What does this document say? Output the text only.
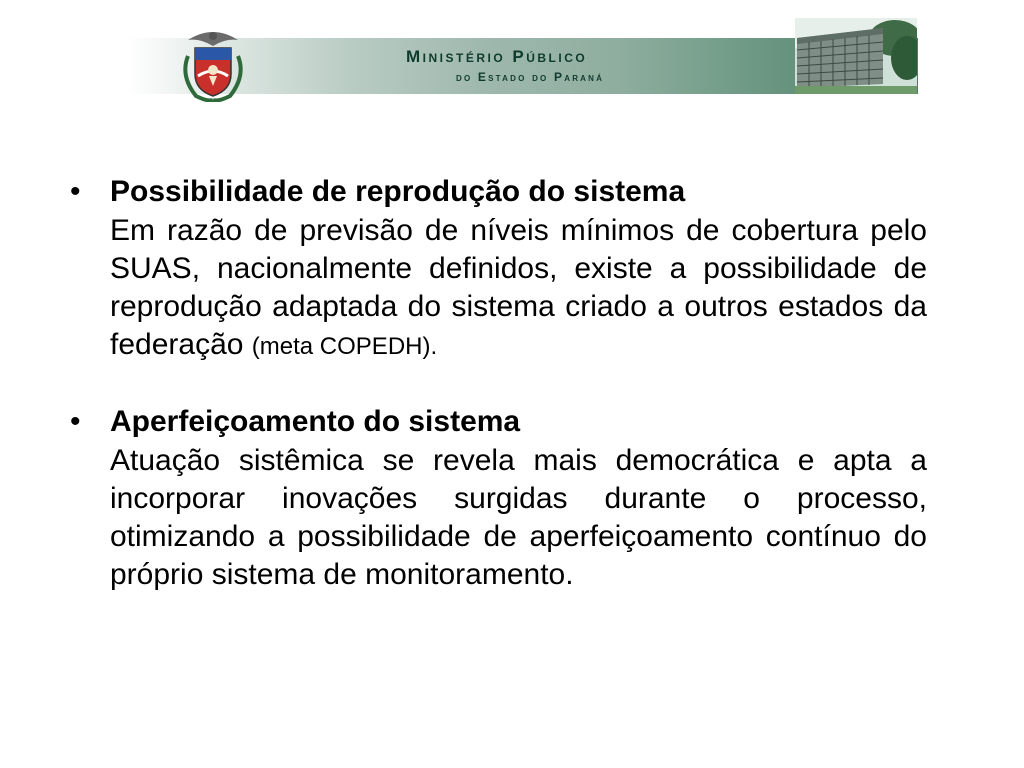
Ministério Público
do Estado do Paraná
• Possibilidade de reprodução do sistema
Em razão de previsão de níveis mínimos de cobertura pelo SUAS, nacionalmente definidos, existe a possibilidade de reprodução adaptada do sistema criado a outros estados da federação (meta COPEDH).
• Aperfeiçoamento do sistema
Atuação sistêmica se revela mais democrática e apta a incorporar inovações surgidas durante o processo, otimizando a possibilidade de aperfeiçoamento contínuo do próprio sistema de monitoramento.
